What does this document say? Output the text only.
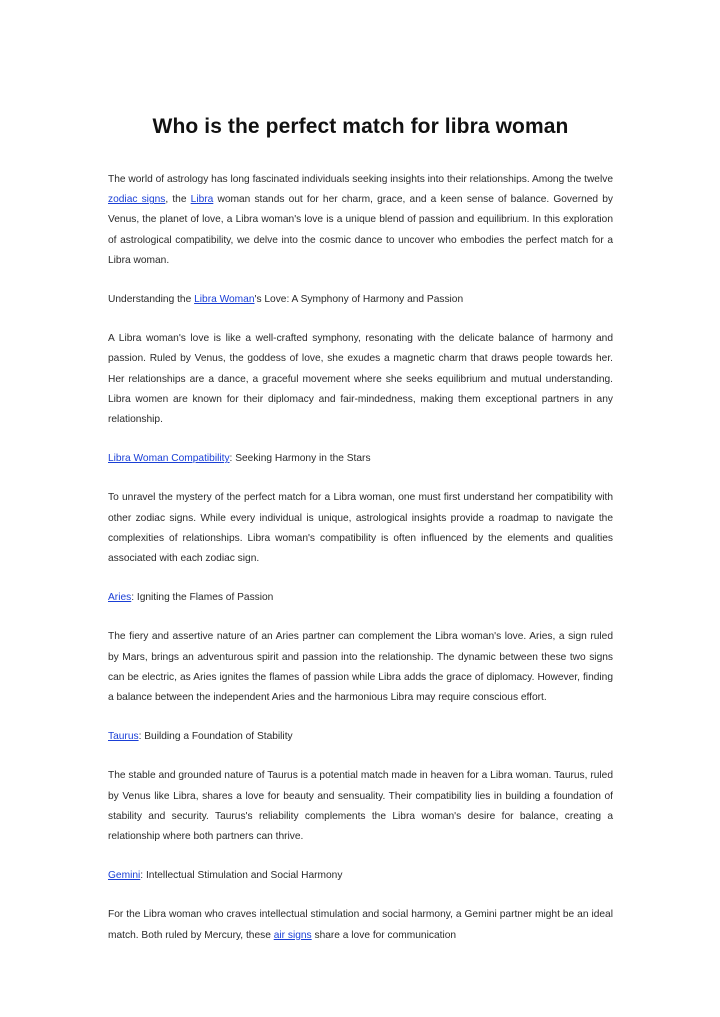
Who is the perfect match for libra woman

The world of astrology has long fascinated individuals seeking insights into their relationships. Among the twelve zodiac signs, the Libra woman stands out for her charm, grace, and a keen sense of balance. Governed by Venus, the planet of love, a Libra woman's love is a unique blend of passion and equilibrium. In this exploration of astrological compatibility, we delve into the cosmic dance to uncover who embodies the perfect match for a Libra woman.

Understanding the Libra Woman's Love: A Symphony of Harmony and Passion

A Libra woman's love is like a well-crafted symphony, resonating with the delicate balance of harmony and passion. Ruled by Venus, the goddess of love, she exudes a magnetic charm that draws people towards her. Her relationships are a dance, a graceful movement where she seeks equilibrium and mutual understanding. Libra women are known for their diplomacy and fair-mindedness, making them exceptional partners in any relationship.

Libra Woman Compatibility: Seeking Harmony in the Stars

To unravel the mystery of the perfect match for a Libra woman, one must first understand her compatibility with other zodiac signs. While every individual is unique, astrological insights provide a roadmap to navigate the complexities of relationships. Libra woman's compatibility is often influenced by the elements and qualities associated with each zodiac sign.

Aries: Igniting the Flames of Passion

The fiery and assertive nature of an Aries partner can complement the Libra woman's love. Aries, a sign ruled by Mars, brings an adventurous spirit and passion into the relationship. The dynamic between these two signs can be electric, as Aries ignites the flames of passion while Libra adds the grace of diplomacy. However, finding a balance between the independent Aries and the harmonious Libra may require conscious effort.

Taurus: Building a Foundation of Stability

The stable and grounded nature of Taurus is a potential match made in heaven for a Libra woman. Taurus, ruled by Venus like Libra, shares a love for beauty and sensuality. Their compatibility lies in building a foundation of stability and security. Taurus's reliability complements the Libra woman's desire for balance, creating a relationship where both partners can thrive.

Gemini: Intellectual Stimulation and Social Harmony

For the Libra woman who craves intellectual stimulation and social harmony, a Gemini partner might be an ideal match. Both ruled by Mercury, these air signs share a love for communication
